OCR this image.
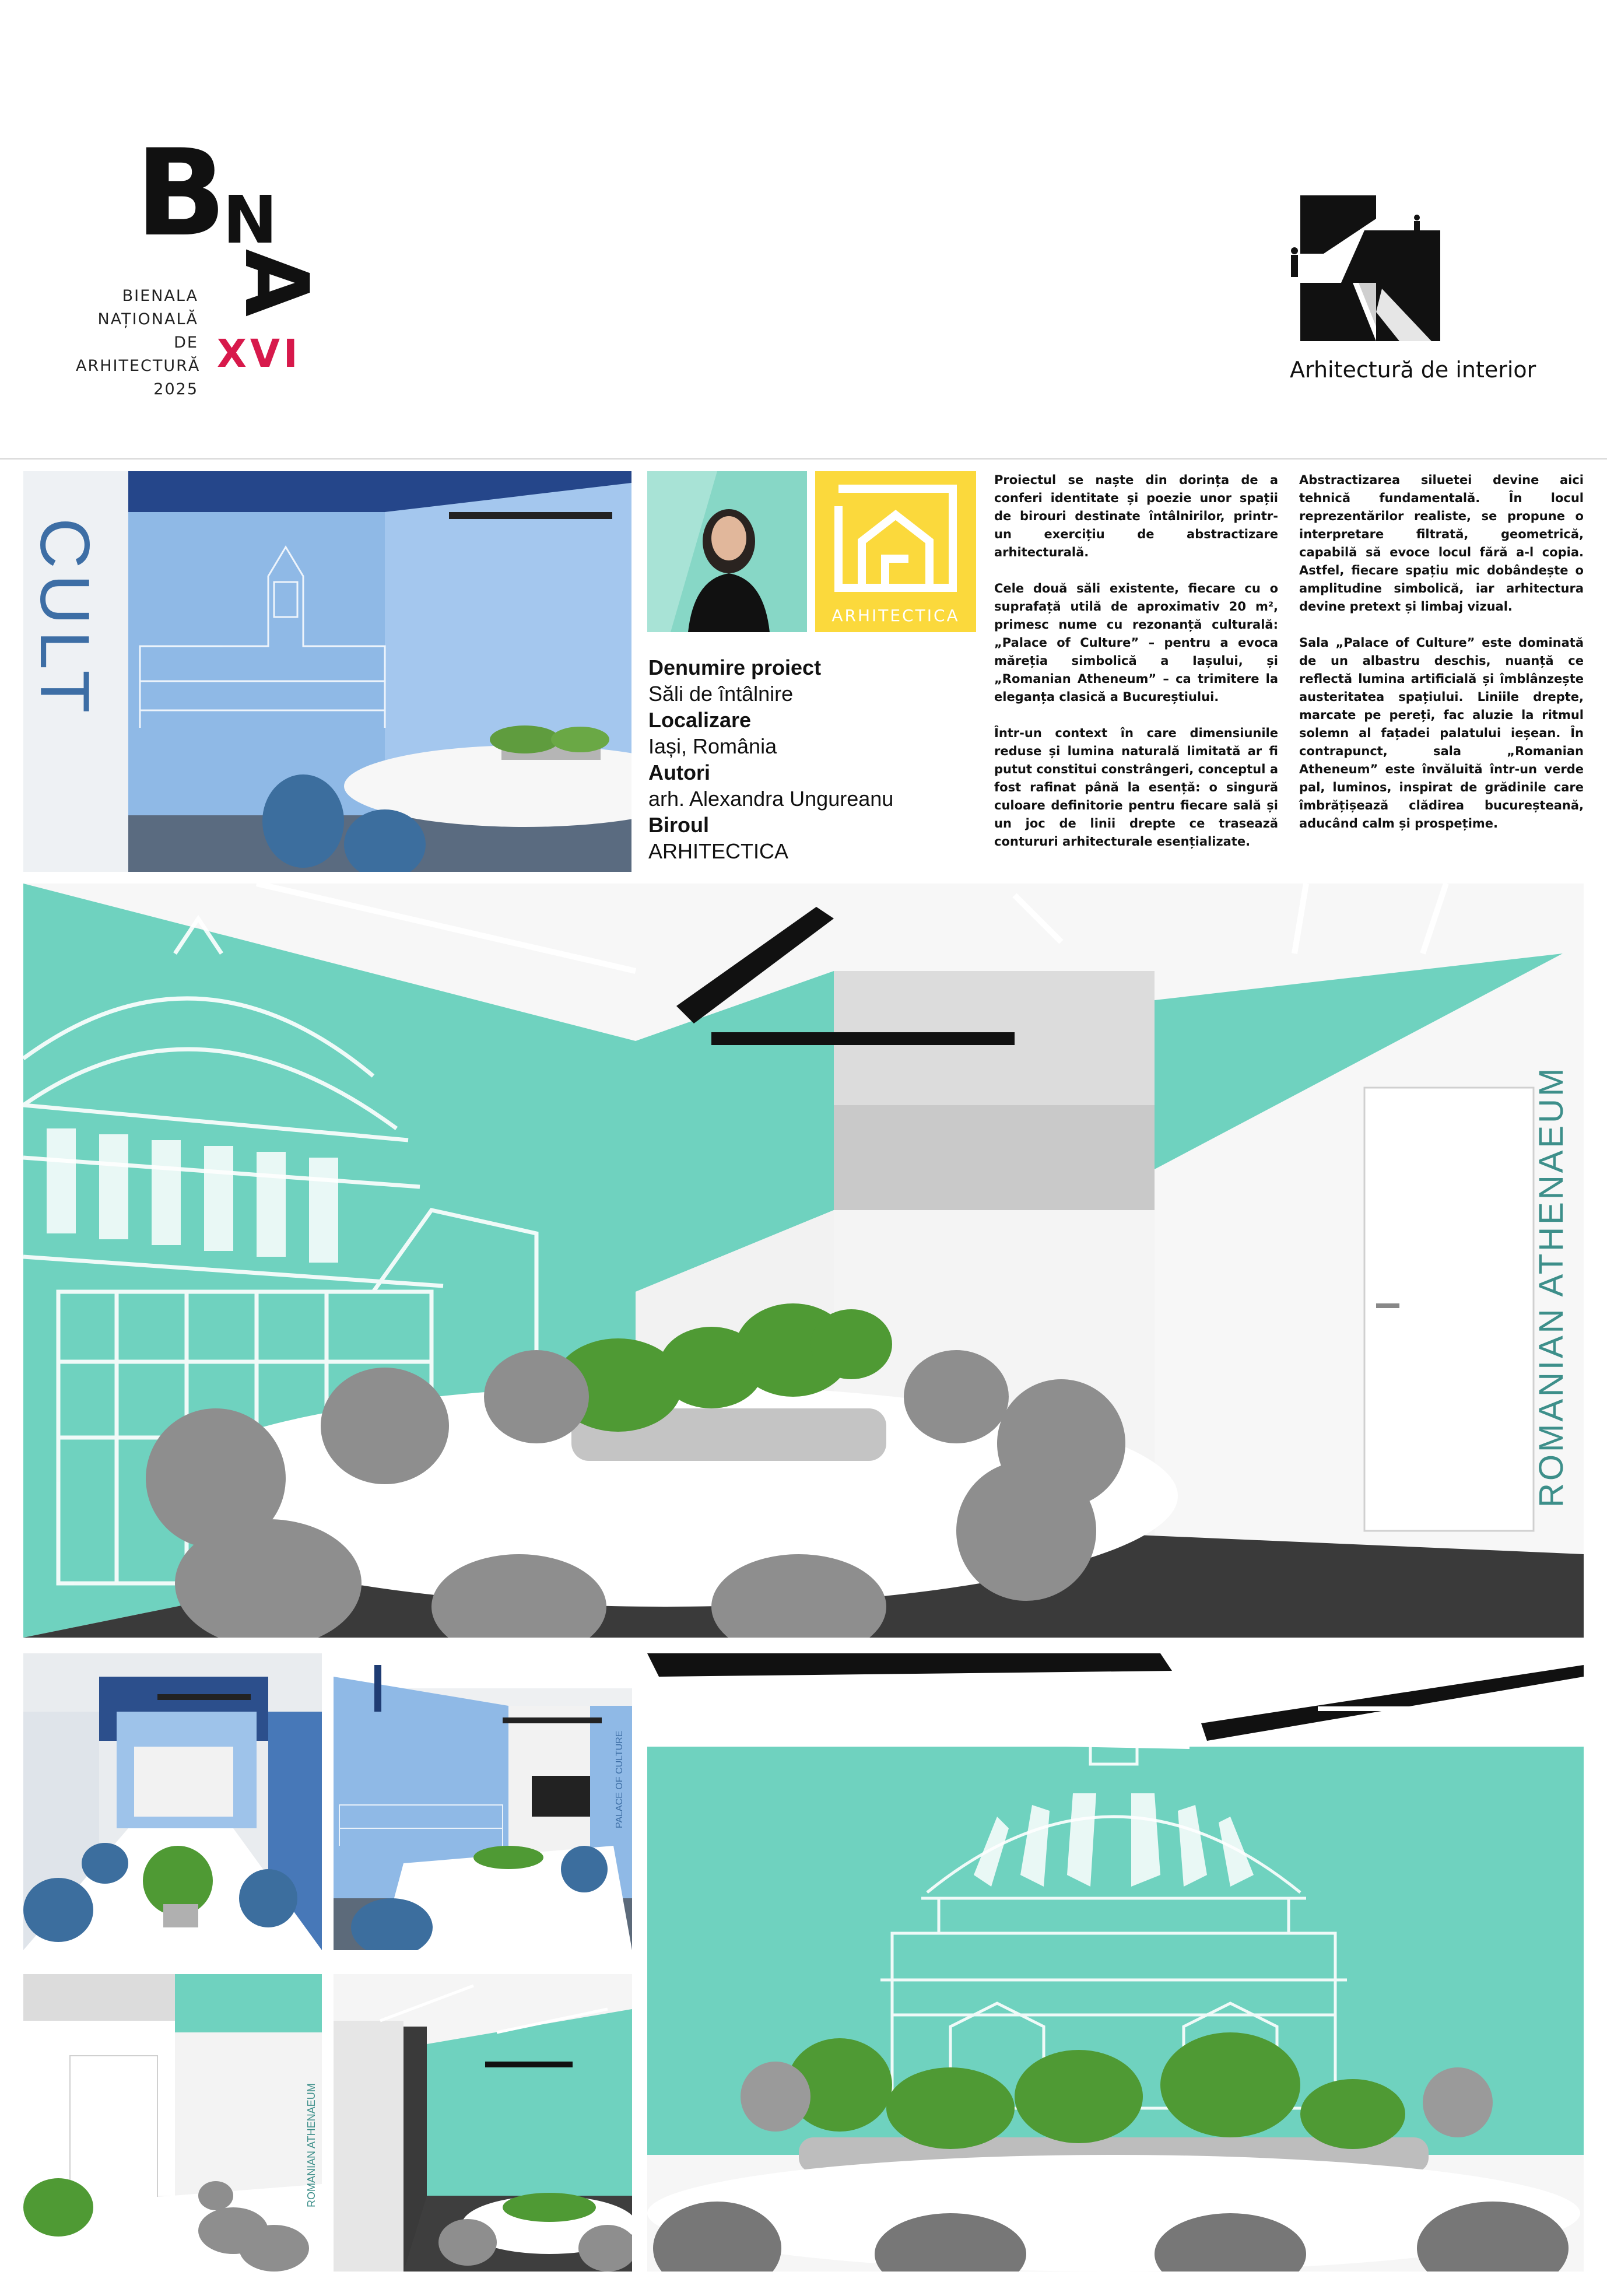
B
N
A
BIENALA
NAȚIONALĂ
DE
ARHITECTURĂ
2025
XVI	Arhitectură de interior
CULT	ARHITECTICA
Denumire proiect
Săli de întâlnire
Localizare
Iași, România
Autori
arh. Alexandra Ungureanu
Biroul
ARHITECTICA

Proiectul se naște din dorința de a conferi identitate și poezie unor spații de birouri destinate întâlnirilor, printr-un exercițiu de abstractizare arhitecturală.

Cele două săli existente, fiecare cu o suprafață utilă de aproximativ 20 m², primesc nume cu rezonanță culturală: „Palace of Culture” – pentru a evoca măreția simbolică a Iașului, și „Romanian Atheneum” – ca trimitere la eleganța clasică a Bucureștiului.

Într-un context în care dimensiunile reduse și lumina naturală limitată ar fi putut constitui constrângeri, conceptul a fost rafinat până la esență: o singură culoare definitorie pentru fiecare sală și un joc de linii drepte ce trasează contururi arhitecturale esențializate.

Abstractizarea siluetei devine aici tehnică fundamentală. În locul reprezentărilor realiste, se propune o interpretare filtrată, geometrică, capabilă să evoce locul fără a-l copia. Astfel, fiecare spațiu mic dobândește o amplitudine simbolică, iar arhitectura devine pretext și limbaj vizual.

Sala „Palace of Culture” este dominată de un albastru deschis, nuanță ce reflectă lumina artificială și îmblânzește austeritatea spațiului. Liniile drepte, marcate pe pereți, fac aluzie la ritmul solemn al fațadei palatului ieșean. În contrapunct, sala „Romanian Atheneum” este învăluită într-un verde pal, luminos, inspirat de grădinile care îmbrățișează clădirea bucureșteană, aducând calm și prospețime.

ROMANIAN ATHENAEUM
PALACE OF CULTURE
ROMANIAN ATHENAEUM
